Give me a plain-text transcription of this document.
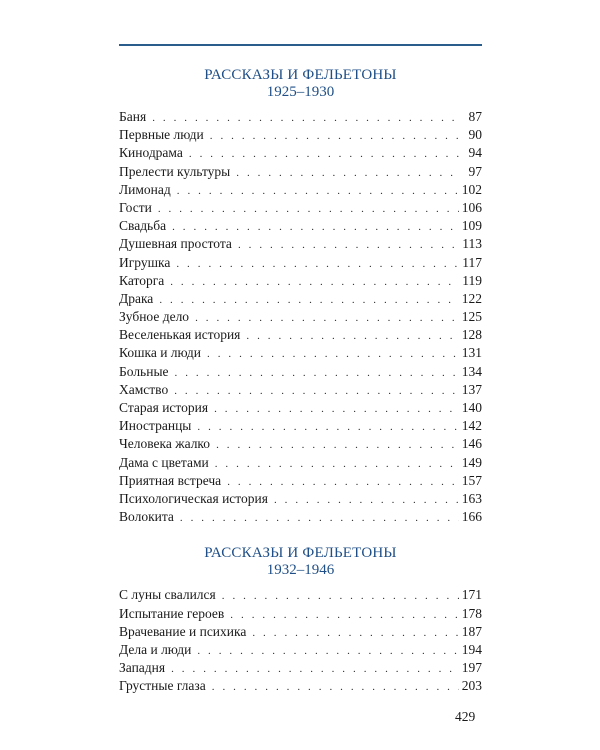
РАССКАЗЫ И ФЕЛЬЕТОНЫ
1925–1930
Баня . . .	87
Первные люди . . .	90
Кинодрама . . .	94
Прелести культуры . . .	97
Лимонад . . .	102
Гости . . .	106
Свадьба . . .	109
Душевная простота . . .	113
Игрушка . . .	117
Каторга . . .	119
Драка . . .	122
Зубное дело . . .	125
Веселенькая история . . .	128
Кошка и люди . . .	131
Больные . . .	134
Хамство . . .	137
Старая история . . .	140
Иностранцы . . .	142
Человека жалко . . .	146
Дама с цветами . . .	149
Приятная встреча . . .	157
Психологическая история . . .	163
Волокита . . .	166
РАССКАЗЫ И ФЕЛЬЕТОНЫ
1932–1946
С луны свалился . . .	171
Испытание героев . . .	178
Врачевание и психика . . .	187
Дела и люди . . .	194
Западня . . .	197
Грустные глаза . . .	203
429
